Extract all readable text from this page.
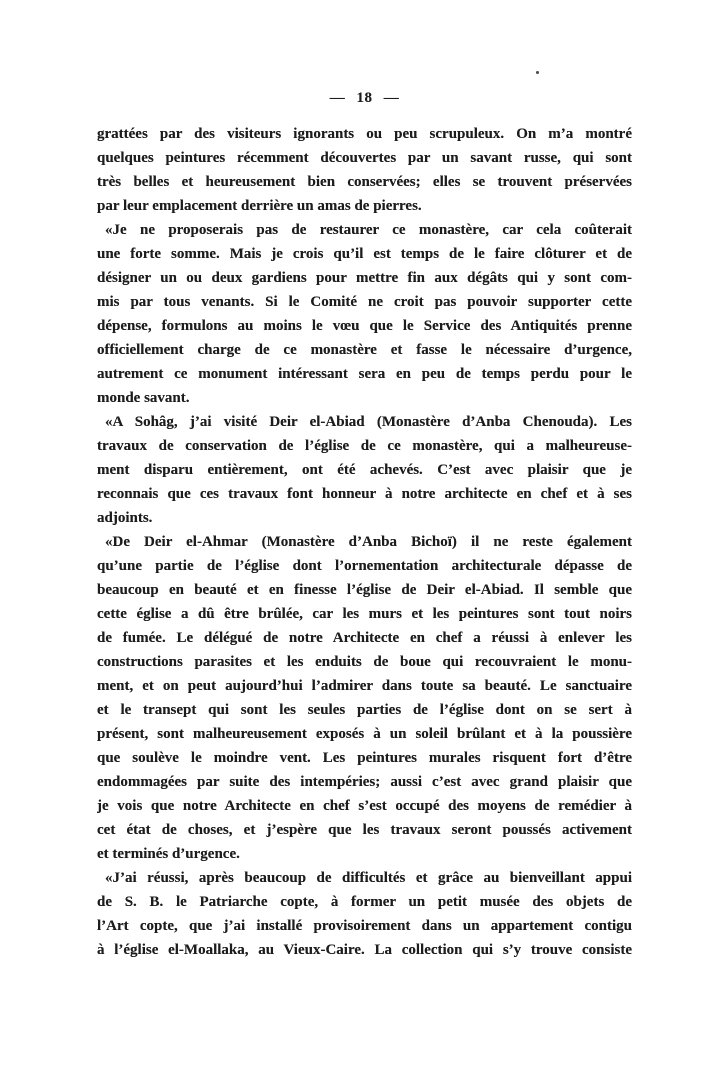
— 18 —
grattées par des visiteurs ignorants ou peu scrupuleux. On m’a montré
quelques peintures récemment découvertes par un savant russe, qui sont
très belles et heureusement bien conservées; elles se trouvent préservées
par leur emplacement derrière un amas de pierres.
«Je ne proposerais pas de restaurer ce monastère, car cela coûterait
une forte somme. Mais je crois qu’il est temps de le faire clôturer et de
désigner un ou deux gardiens pour mettre fin aux dégâts qui y sont com-
mis par tous venants. Si le Comité ne croit pas pouvoir supporter cette
dépense, formulons au moins le vœu que le Service des Antiquités prenne
officiellement charge de ce monastère et fasse le nécessaire d’urgence,
autrement ce monument intéressant sera en peu de temps perdu pour le
monde savant.
«A Sohâg, j’ai visité Deir el-Abiad (Monastère d’Anba Chenouda). Les
travaux de conservation de l’église de ce monastère, qui a malheureuse-
ment disparu entièrement, ont été achevés. C’est avec plaisir que je
reconnais que ces travaux font honneur à notre architecte en chef et à ses
adjoints.
«De Deir el-Ahmar (Monastère d’Anba Bichoï) il ne reste également
qu’une partie de l’église dont l’ornementation architecturale dépasse de
beaucoup en beauté et en finesse l’église de Deir el-Abiad. Il semble que
cette église a dû être brûlée, car les murs et les peintures sont tout noirs
de fumée. Le délégué de notre Architecte en chef a réussi à enlever les
constructions parasites et les enduits de boue qui recouvraient le monu-
ment, et on peut aujourd’hui l’admirer dans toute sa beauté. Le sanctuaire
et le transept qui sont les seules parties de l’église dont on se sert à
présent, sont malheureusement exposés à un soleil brûlant et à la poussière
que soulève le moindre vent. Les peintures murales risquent fort d’être
endommagées par suite des intempéries; aussi c’est avec grand plaisir que
je vois que notre Architecte en chef s’est occupé des moyens de remédier à
cet état de choses, et j’espère que les travaux seront poussés activement
et terminés d’urgence.
«J’ai réussi, après beaucoup de difficultés et grâce au bienveillant appui
de S. B. le Patriarche copte, à former un petit musée des objets de
l’Art copte, que j’ai installé provisoirement dans un appartement contigu
à l’église el-Moallaka, au Vieux-Caire. La collection qui s’y trouve consiste
